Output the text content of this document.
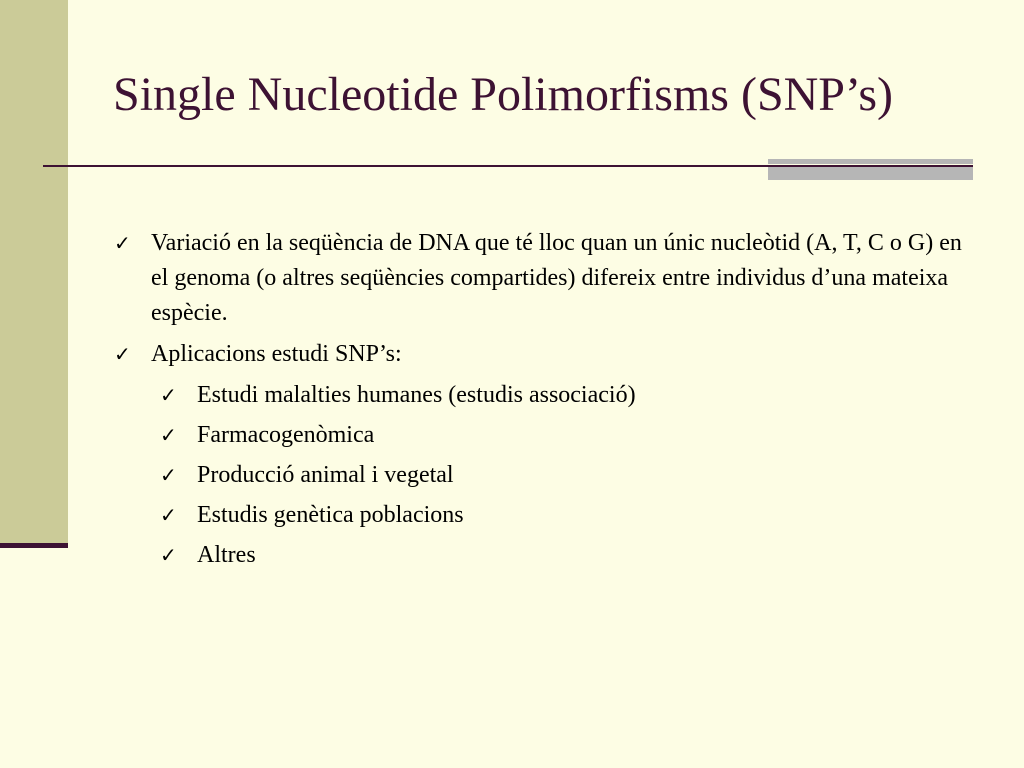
Single Nucleotide Polimorfisms (SNP’s)
✓ Variació en la seqüència de DNA que té lloc quan un únic nucleòtid (A, T, C o G) en el genoma (o altres seqüències compartides) difereix entre individus d’una mateixa espècie.
✓ Aplicacions estudi SNP’s:
✓ Estudi malalties humanes (estudis associació)
✓ Farmacogenòmica
✓ Producció animal i vegetal
✓ Estudis genètica poblacions
✓ Altres
